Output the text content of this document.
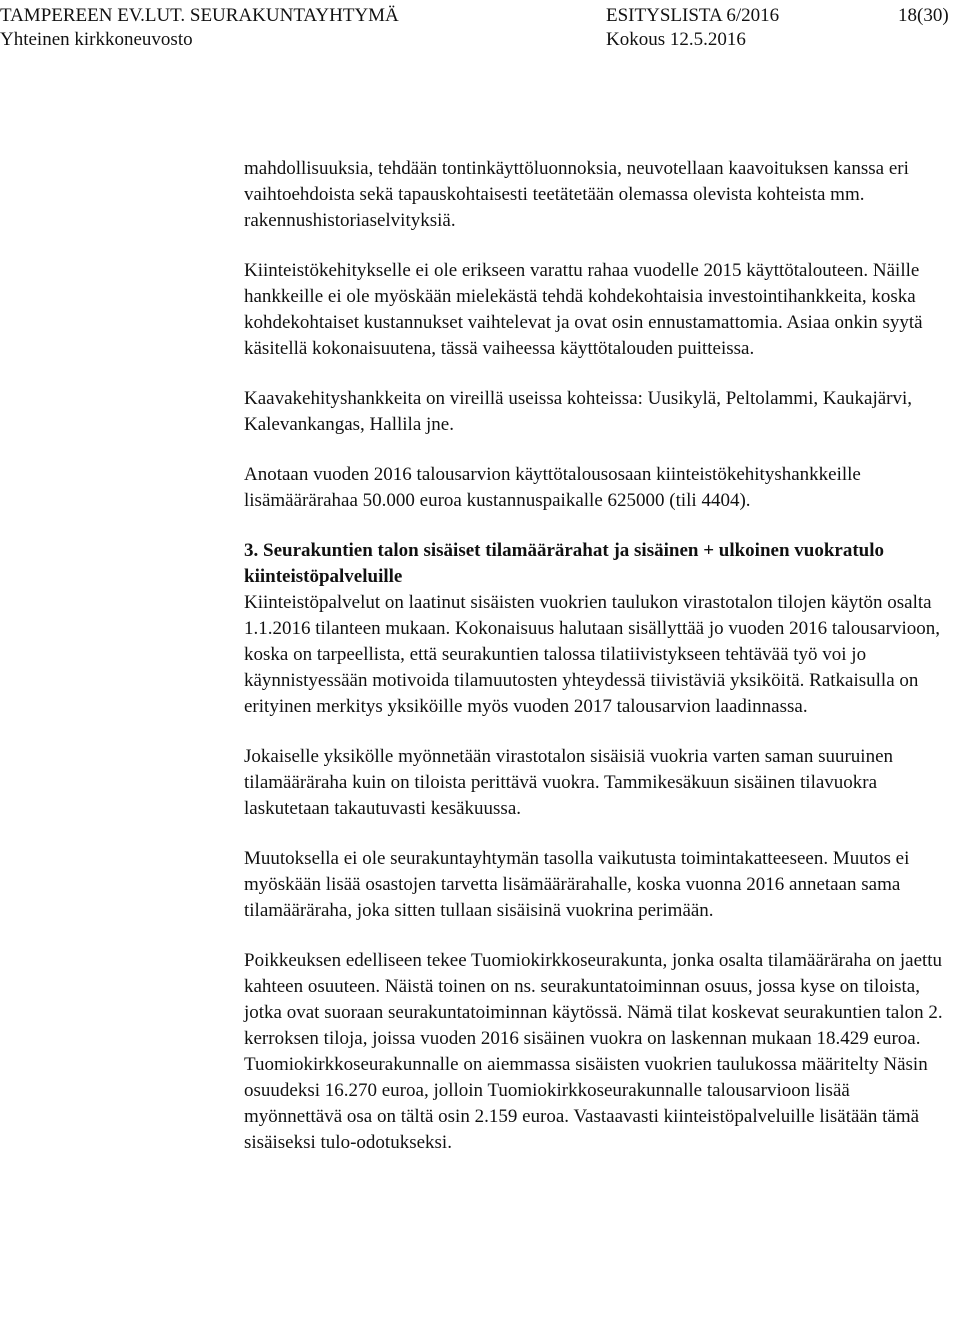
TAMPEREEN EV.LUT. SEURAKUNTAYHTYMÄ
Yhteinen kirkkoneuvosto
ESITYSLISTA 6/2016
Kokous 12.5.2016
18(30)

mahdollisuuksia, tehdään tontinkäyttöluonnoksia, neuvotellaan kaavoituksen kanssa eri vaihtoehdoista sekä tapauskohtaisesti teetätetään olemassa olevista kohteista mm. rakennushistoriaselvityksiä.

Kiinteistökehitykselle ei ole erikseen varattu rahaa vuodelle 2015 käyttötalouteen. Näille hankkeille ei ole myöskään mielekästä tehdä kohdekohtaisia investointihankkeita, koska kohdekohtaiset kustannukset vaihtelevat ja ovat osin ennustamattomia. Asiaa onkin syytä käsitellä kokonaisuutena, tässä vaiheessa käyttötalouden puitteissa.

Kaavakehityshankkeita on vireillä useissa kohteissa: Uusikylä, Peltolammi, Kaukajärvi, Kalevankangas, Hallila jne.

Anotaan vuoden 2016 talousarvion käyttötalousosaan kiinteistökehityshankkeille lisämäärärahaa 50.000 euroa kustannuspaikalle 625000 (tili 4404).

3. Seurakuntien talon sisäiset tilamäärärahat ja sisäinen + ulkoinen vuokratulo kiinteistöpalveluille

Kiinteistöpalvelut on laatinut sisäisten vuokrien taulukon virastotalon tilojen käytön osalta 1.1.2016 tilanteen mukaan. Kokonaisuus halutaan sisällyttää jo vuoden 2016 talousarvioon, koska on tarpeellista, että seurakuntien talossa tilatiivistykseen tehtävää työ voi jo käynnistyessään motivoida tilamuutosten yhteydessä tiivistäviä yksiköitä. Ratkaisulla on erityinen merkitys yksiköille myös vuoden 2017 talousarvion laadinnassa.

Jokaiselle yksikölle myönnetään virastotalon sisäisiä vuokria varten saman suuruinen tilamääräraha kuin on tiloista perittävä vuokra. Tammikesäkuun sisäinen tilavuokra laskutetaan takautuvasti kesäkuussa.

Muutoksella ei ole seurakuntayhtymän tasolla vaikutusta toimintakatteeseen. Muutos ei myöskään lisää osastojen tarvetta lisämäärärahalle, koska vuonna 2016 annetaan sama tilamääräraha, joka sitten tullaan sisäisinä vuokrina perimään.

Poikkeuksen edelliseen tekee Tuomiokirkkoseurakunta, jonka osalta tilamääräraha on jaettu kahteen osuuteen. Näistä toinen on ns. seurakuntatoiminnan osuus, jossa kyse on tiloista, jotka ovat suoraan seurakuntatoiminnan käytössä. Nämä tilat koskevat seurakuntien talon 2. kerroksen tiloja, joissa vuoden 2016 sisäinen vuokra on laskennan mukaan 18.429 euroa. Tuomiokirkkoseurakunnalle on aiemmassa sisäisten vuokrien taulukossa määritelty Näsin osuudeksi 16.270 euroa, jolloin Tuomiokirkkoseurakunnalle talousarvioon lisää myönnettävä osa on tältä osin 2.159 euroa. Vastaavasti kiinteistöpalveluille lisätään tämä sisäiseksi tulo-odotukseksi.
